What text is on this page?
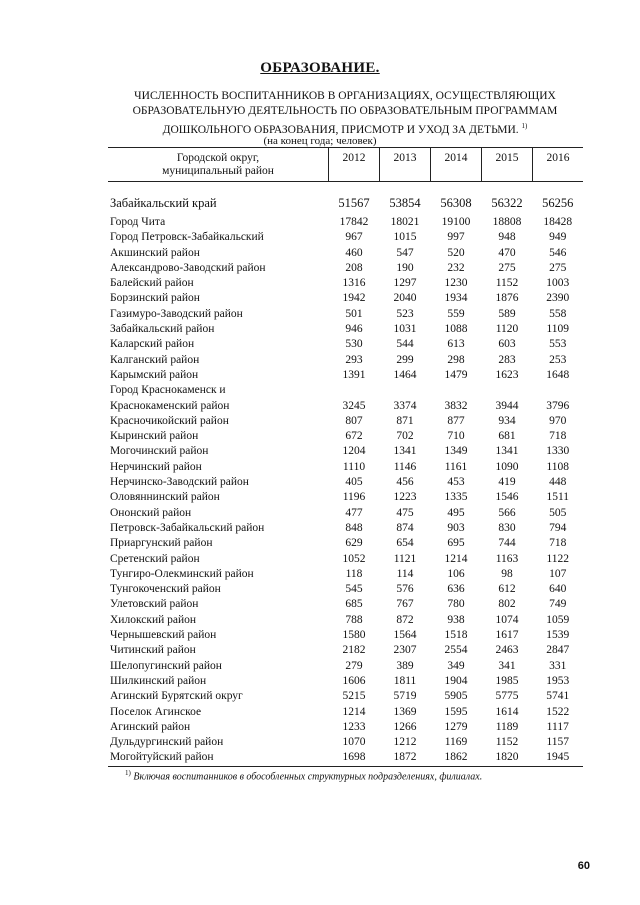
ОБРАЗОВАНИЕ.
ЧИСЛЕННОСТЬ ВОСПИТАННИКОВ В ОРГАНИЗАЦИЯХ, ОСУЩЕСТВЛЯЮЩИХ ОБРАЗОВАТЕЛЬНУЮ ДЕЯТЕЛЬНОСТЬ ПО ОБРАЗОВАТЕЛЬНЫМ ПРОГРАММАМ ДОШКОЛЬНОГО ОБРАЗОВАНИЯ, ПРИСМОТР И УХОД ЗА ДЕТЬМИ. $^{1)}$
(на конец года; человек)
Городской округ,
муниципальный район	2012	2013	2014	2015	2016
Забайкальский край	51567	53854	56308	56322	56256
Город Чита	17842	18021	19100	18808	18428
Город Петровск-Забайкальский	967	1015	997	948	949
Акшинский район	460	547	520	470	546
Александрово-Заводский район	208	190	232	275	275
Балейский район	1316	1297	1230	1152	1003
Борзинский район	1942	2040	1934	1876	2390
Газимуро-Заводский район	501	523	559	589	558
Забайкальский район	946	1031	1088	1120	1109
Каларский район	530	544	613	603	553
Калганский район	293	299	298	283	253
Карымский район	1391	1464	1479	1623	1648
Город Краснокаменск и					
Краснокаменский район	3245	3374	3832	3944	3796
Красночикойский район	807	871	877	934	970
Кыринский район	672	702	710	681	718
Могочинский район	1204	1341	1349	1341	1330
Нерчинский район	1110	1146	1161	1090	1108
Нерчинско-Заводский район	405	456	453	419	448
Оловяннинский район	1196	1223	1335	1546	1511
Ононский район	477	475	495	566	505
Петровск-Забайкальский район	848	874	903	830	794
Приаргунский район	629	654	695	744	718
Сретенский район	1052	1121	1214	1163	1122
Тунгиро-Олекминский район	118	114	106	98	107
Тунгокоченский район	545	576	636	612	640
Улетовский район	685	767	780	802	749
Хилокский район	788	872	938	1074	1059
Чернышевский район	1580	1564	1518	1617	1539
Читинский район	2182	2307	2554	2463	2847
Шелопугинский район	279	389	349	341	331
Шилкинский район	1606	1811	1904	1985	1953
Агинский Бурятский округ	5215	5719	5905	5775	5741
Поселок Агинское	1214	1369	1595	1614	1522
Агинский район	1233	1266	1279	1189	1117
Дульдургинский район	1070	1212	1169	1152	1157
Могойтуйский район	1698	1872	1862	1820	1945
$^{1)}$ Включая воспитанников в обособленных структурных подразделениях, филиалах.
60
